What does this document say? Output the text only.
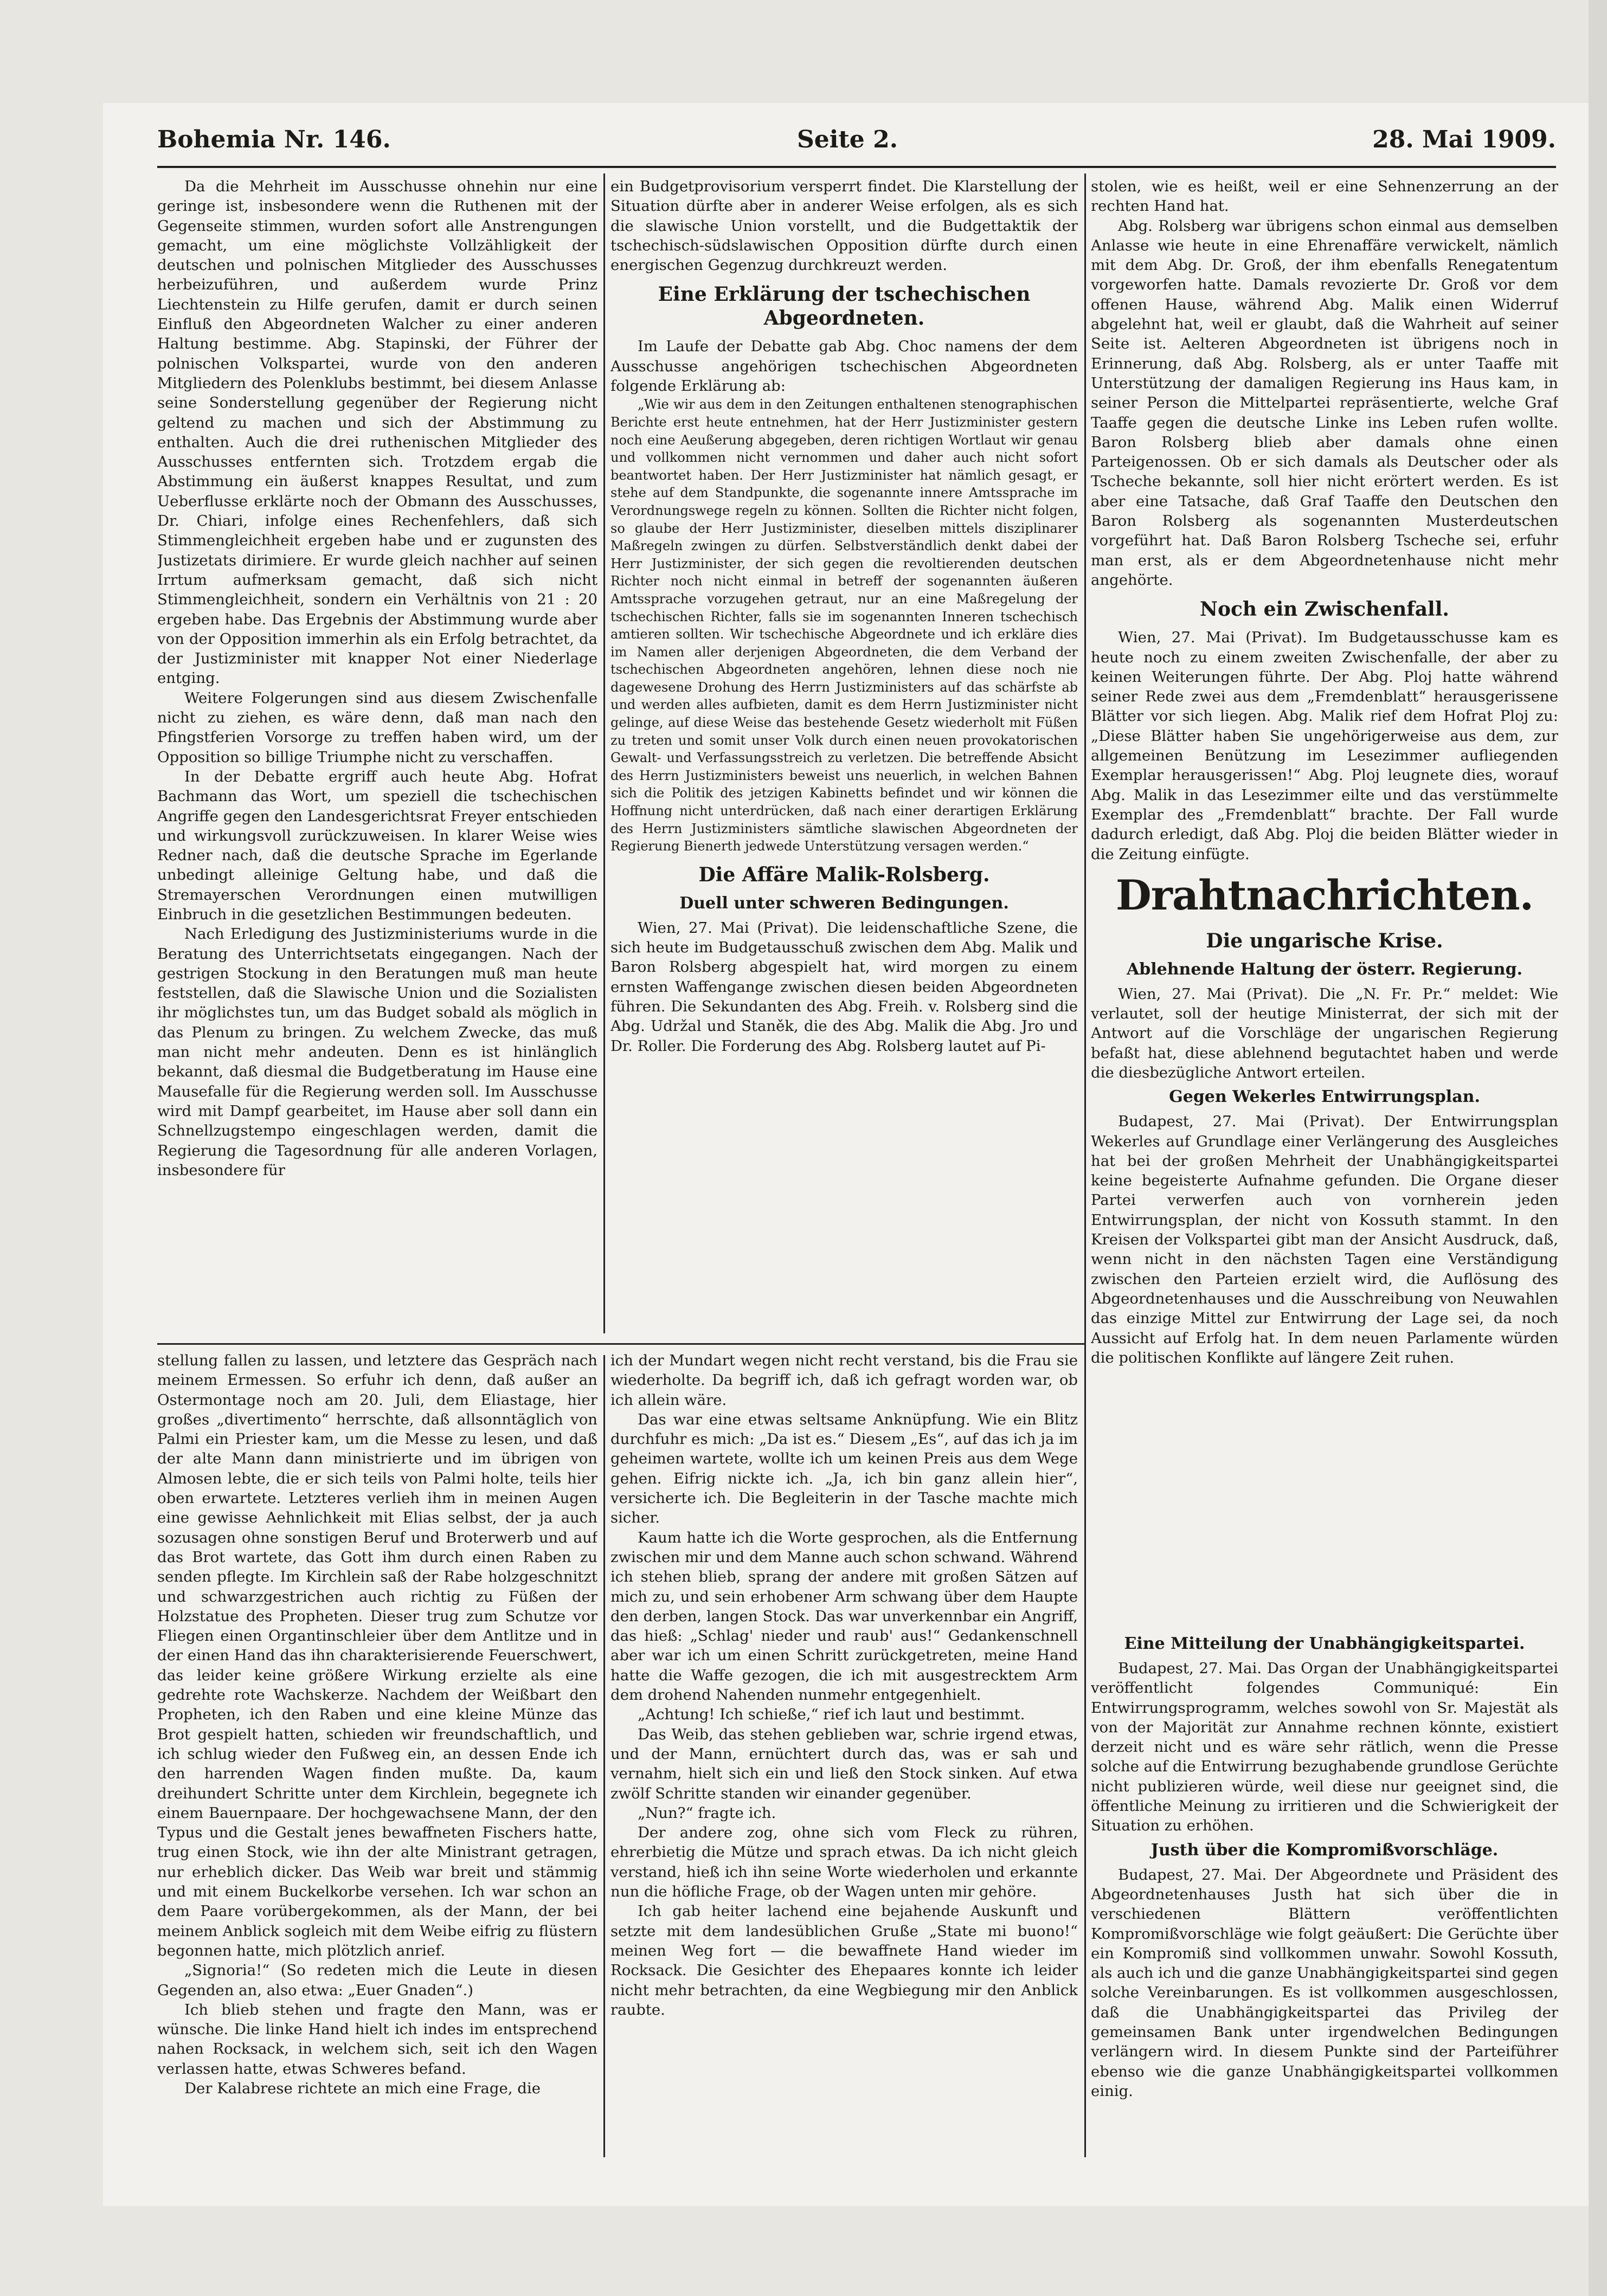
Bohemia Nr. 146.	Seite 2.	28. Mai 1909.

Da die Mehrheit im Ausschusse ohnehin nur eine geringe ist, insbesondere wenn die Ruthenen mit der Gegenseite stimmen, wurden sofort alle Anstrengungen gemacht, um eine möglichste Vollzähligkeit der deutschen und polnischen Mitglieder des Ausschusses herbeizuführen, und außerdem wurde Prinz Liechtenstein zu Hilfe gerufen, damit er durch seinen Einfluß den Abgeordneten Walcher zu einer anderen Haltung bestimme. Abg. Stapinski, der Führer der polnischen Volkspartei, wurde von den anderen Mitgliedern des Polenklubs bestimmt, bei diesem Anlasse seine Sonderstellung gegenüber der Regierung nicht geltend zu machen und sich der Abstimmung zu enthalten. Auch die drei ruthenischen Mitglieder des Ausschusses entfernten sich. Trotzdem ergab die Abstimmung ein äußerst knappes Resultat, und zum Ueberflusse erklärte noch der Obmann des Ausschusses, Dr. Chiari, infolge eines Rechenfehlers, daß sich Stimmengleichheit ergeben habe und er zugunsten des Justizetats dirimiere. Er wurde gleich nachher auf seinen Irrtum aufmerksam gemacht, daß sich nicht Stimmengleichheit, sondern ein Verhältnis von 21 : 20 ergeben habe. Das Ergebnis der Abstimmung wurde aber von der Opposition immerhin als ein Erfolg betrachtet, da der Justizminister mit knapper Not einer Niederlage entging.

Weitere Folgerungen sind aus diesem Zwischenfalle nicht zu ziehen, es wäre denn, daß man nach den Pfingstferien Vorsorge zu treffen haben wird, um der Opposition so billige Triumphe nicht zu verschaffen.

In der Debatte ergriff auch heute Abg. Hofrat Bachmann das Wort, um speziell die tschechischen Angriffe gegen den Landesgerichtsrat Freyer entschieden und wirkungsvoll zurückzuweisen. In klarer Weise wies Redner nach, daß die deutsche Sprache im Egerlande unbedingt alleinige Geltung habe, und daß die Stremayerschen Verordnungen einen mutwilligen Einbruch in die gesetzlichen Bestimmungen bedeuten.

Nach Erledigung des Justizministeriums wurde in die Beratung des Unterrichtsetats eingegangen. Nach der gestrigen Stockung in den Beratungen muß man heute feststellen, daß die Slawische Union und die Sozialisten ihr möglichstes tun, um das Budget sobald als möglich in das Plenum zu bringen. Zu welchem Zwecke, das muß man nicht mehr andeuten. Denn es ist hinlänglich bekannt, daß diesmal die Budgetberatung im Hause eine Mausefalle für die Regierung werden soll. Im Ausschusse wird mit Dampf gearbeitet, im Hause aber soll dann ein Schnellzugstempo eingeschlagen werden, damit die Regierung die Tagesordnung für alle anderen Vorlagen, insbesondere für

ein Budgetprovisorium versperrt findet. Die Klarstellung der Situation dürfte aber in anderer Weise erfolgen, als es sich die slawische Union vorstellt, und die Budgettaktik der tschechisch-südslawischen Opposition dürfte durch einen energischen Gegenzug durchkreuzt werden.

Eine Erklärung der tschechischen Abgeordneten.

Im Laufe der Debatte gab Abg. Choc namens der dem Ausschusse angehörigen tschechischen Abgeordneten folgende Erklärung ab:

„Wie wir aus dem in den Zeitungen enthaltenen stenographischen Berichte erst heute entnehmen, hat der Herr Justizminister gestern noch eine Aeußerung abgegeben, deren richtigen Wortlaut wir genau und vollkommen nicht vernommen und daher auch nicht sofort beantwortet haben. Der Herr Justizminister hat nämlich gesagt, er stehe auf dem Standpunkte, die sogenannte innere Amtssprache im Verordnungswege regeln zu können. Sollten die Richter nicht folgen, so glaube der Herr Justizminister, dieselben mittels disziplinarer Maßregeln zwingen zu dürfen. Selbstverständlich denkt dabei der Herr Justizminister, der sich gegen die revoltierenden deutschen Richter noch nicht einmal in betreff der sogenannten äußeren Amtssprache vorzugehen getraut, nur an eine Maßregelung der tschechischen Richter, falls sie im sogenannten Inneren tschechisch amtieren sollten. Wir tschechische Abgeordnete und ich erkläre dies im Namen aller derjenigen Abgeordneten, die dem Verband der tschechischen Abgeordneten angehören, lehnen diese noch nie dagewesene Drohung des Herrn Justizministers auf das schärfste ab und werden alles aufbieten, damit es dem Herrn Justizminister nicht gelinge, auf diese Weise das bestehende Gesetz wiederholt mit Füßen zu treten und somit unser Volk durch einen neuen provokatorischen Gewalt- und Verfassungsstreich zu verletzen. Die betreffende Absicht des Herrn Justizministers beweist uns neuerlich, in welchen Bahnen sich die Politik des jetzigen Kabinetts befindet und wir können die Hoffnung nicht unterdrücken, daß nach einer derartigen Erklärung des Herrn Justizministers sämtliche slawischen Abgeordneten der Regierung Bienerth jedwede Unterstützung versagen werden.“

Die Affäre Malik-Rolsberg.
Duell unter schweren Bedingungen.

Wien, 27. Mai (Privat). Die leidenschaftliche Szene, die sich heute im Budgetausschuß zwischen dem Abg. Malik und Baron Rolsberg abgespielt hat, wird morgen zu einem ernsten Waffengange zwischen diesen beiden Abgeordneten führen. Die Sekundanten des Abg. Freih. v. Rolsberg sind die Abg. Udržal und Staněk, die des Abg. Malik die Abg. Jro und Dr. Roller. Die Forderung des Abg. Rolsberg lautet auf Pi-

stolen, wie es heißt, weil er eine Sehnenzerrung an der rechten Hand hat.

Abg. Rolsberg war übrigens schon einmal aus demselben Anlasse wie heute in eine Ehrenaffäre verwickelt, nämlich mit dem Abg. Dr. Groß, der ihm ebenfalls Renegatentum vorgeworfen hatte. Damals revozierte Dr. Groß vor dem offenen Hause, während Abg. Malik einen Widerruf abgelehnt hat, weil er glaubt, daß die Wahrheit auf seiner Seite ist. Aelteren Abgeordneten ist übrigens noch in Erinnerung, daß Abg. Rolsberg, als er unter Taaffe mit Unterstützung der damaligen Regierung ins Haus kam, in seiner Person die Mittelpartei repräsentierte, welche Graf Taaffe gegen die deutsche Linke ins Leben rufen wollte. Baron Rolsberg blieb aber damals ohne einen Parteigenossen. Ob er sich damals als Deutscher oder als Tscheche bekannte, soll hier nicht erörtert werden. Es ist aber eine Tatsache, daß Graf Taaffe den Deutschen den Baron Rolsberg als sogenannten Musterdeutschen vorgeführt hat. Daß Baron Rolsberg Tscheche sei, erfuhr man erst, als er dem Abgeordnetenhause nicht mehr angehörte.

Noch ein Zwischenfall.

Wien, 27. Mai (Privat). Im Budgetausschusse kam es heute noch zu einem zweiten Zwischenfalle, der aber zu keinen Weiterungen führte. Der Abg. Ploj hatte während seiner Rede zwei aus dem „Fremdenblatt“ herausgerissene Blätter vor sich liegen. Abg. Malik rief dem Hofrat Ploj zu: „Diese Blätter haben Sie ungehörigerweise aus dem, zur allgemeinen Benützung im Lesezimmer aufliegenden Exemplar herausgerissen!“ Abg. Ploj leugnete dies, worauf Abg. Malik in das Lesezimmer eilte und das verstümmelte Exemplar des „Fremdenblatt“ brachte. Der Fall wurde dadurch erledigt, daß Abg. Ploj die beiden Blätter wieder in die Zeitung einfügte.

Drahtnachrichten.
Die ungarische Krise.
Ablehnende Haltung der österr. Regierung.

Wien, 27. Mai (Privat). Die „N. Fr. Pr.“ meldet: Wie verlautet, soll der heutige Ministerrat, der sich mit der Antwort auf die Vorschläge der ungarischen Regierung befaßt hat, diese ablehnend begutachtet haben und werde die diesbezügliche Antwort erteilen.

Gegen Wekerles Entwirrungsplan.

Budapest, 27. Mai (Privat). Der Entwirrungsplan Wekerles auf Grundlage einer Verlängerung des Ausgleiches hat bei der großen Mehrheit der Unabhängigkeitspartei keine begeisterte Aufnahme gefunden. Die Organe dieser Partei verwerfen auch von vornherein jeden Entwirrungsplan, der nicht von Kossuth stammt. In den Kreisen der Volkspartei gibt man der Ansicht Ausdruck, daß, wenn nicht in den nächsten Tagen eine Verständigung zwischen den Parteien erzielt wird, die Auflösung des Abgeordnetenhauses und die Ausschreibung von Neuwahlen das einzige Mittel zur Entwirrung der Lage sei, da noch Aussicht auf Erfolg hat. In dem neuen Parlamente würden die politischen Konflikte auf längere Zeit ruhen.

Eine Mitteilung der Unabhängigkeitspartei.

Budapest, 27. Mai. Das Organ der Unabhängigkeitspartei veröffentlicht folgendes Communiqué: Ein Entwirrungsprogramm, welches sowohl von Sr. Majestät als von der Majorität zur Annahme rechnen könnte, existiert derzeit nicht und es wäre sehr rätlich, wenn die Presse solche auf die Entwirrung bezughabende grundlose Gerüchte nicht publizieren würde, weil diese nur geeignet sind, die öffentliche Meinung zu irritieren und die Schwierigkeit der Situation zu erhöhen.

Justh über die Kompromißvorschläge.

Budapest, 27. Mai. Der Abgeordnete und Präsident des Abgeordnetenhauses Justh hat sich über die in verschiedenen Blättern veröffentlichten Kompromißvorschläge wie folgt geäußert: Die Gerüchte über ein Kompromiß sind vollkommen unwahr. Sowohl Kossuth, als auch ich und die ganze Unabhängigkeitspartei sind gegen solche Vereinbarungen. Es ist vollkommen ausgeschlossen, daß die Unabhängigkeitspartei das Privileg der gemeinsamen Bank unter irgendwelchen Bedingungen verlängern wird. In diesem Punkte sind der Parteiführer ebenso wie die ganze Unabhängigkeitspartei vollkommen einig.

stellung fallen zu lassen, und letztere das Gespräch nach meinem Ermessen. So erfuhr ich denn, daß außer an Ostermontage noch am 20. Juli, dem Eliastage, hier großes „divertimento“ herrschte, daß allsonntäglich von Palmi ein Priester kam, um die Messe zu lesen, und daß der alte Mann dann ministrierte und im übrigen von Almosen lebte, die er sich teils von Palmi holte, teils hier oben erwartete. Letzteres verlieh ihm in meinen Augen eine gewisse Aehnlichkeit mit Elias selbst, der ja auch sozusagen ohne sonstigen Beruf und Broterwerb und auf das Brot wartete, das Gott ihm durch einen Raben zu senden pflegte. Im Kirchlein saß der Rabe holzgeschnitzt und schwarzgestrichen auch richtig zu Füßen der Holzstatue des Propheten. Dieser trug zum Schutze vor Fliegen einen Organtinschleier über dem Antlitze und in der einen Hand das ihn charakterisierende Feuerschwert, das leider keine größere Wirkung erzielte als eine gedrehte rote Wachskerze. Nachdem der Weißbart den Propheten, ich den Raben und eine kleine Münze das Brot gespielt hatten, schieden wir freundschaftlich, und ich schlug wieder den Fußweg ein, an dessen Ende ich den harrenden Wagen finden mußte. Da, kaum dreihundert Schritte unter dem Kirchlein, begegnete ich einem Bauernpaare. Der hochgewachsene Mann, der den Typus und die Gestalt jenes bewaffneten Fischers hatte, trug einen Stock, wie ihn der alte Ministrant getragen, nur erheblich dicker. Das Weib war breit und stämmig und mit einem Buckelkorbe versehen. Ich war schon an dem Paare vorübergekommen, als der Mann, der bei meinem Anblick sogleich mit dem Weibe eifrig zu flüstern begonnen hatte, mich plötzlich anrief.

„Signoria!“ (So redeten mich die Leute in diesen Gegenden an, also etwa: „Euer Gnaden“.)

Ich blieb stehen und fragte den Mann, was er wünsche. Die linke Hand hielt ich indes im entsprechend nahen Rocksack, in welchem sich, seit ich den Wagen verlassen hatte, etwas Schweres befand.

Der Kalabrese richtete an mich eine Frage, die

ich der Mundart wegen nicht recht verstand, bis die Frau sie wiederholte. Da begriff ich, daß ich gefragt worden war, ob ich allein wäre.

Das war eine etwas seltsame Anknüpfung. Wie ein Blitz durchfuhr es mich: „Da ist es.“ Diesem „Es“, auf das ich ja im geheimen wartete, wollte ich um keinen Preis aus dem Wege gehen. Eifrig nickte ich. „Ja, ich bin ganz allein hier“, versicherte ich. Die Begleiterin in der Tasche machte mich sicher.

Kaum hatte ich die Worte gesprochen, als die Entfernung zwischen mir und dem Manne auch schon schwand. Während ich stehen blieb, sprang der andere mit großen Sätzen auf mich zu, und sein erhobener Arm schwang über dem Haupte den derben, langen Stock. Das war unverkennbar ein Angriff, das hieß: „Schlag' nieder und raub' aus!“ Gedankenschnell aber war ich um einen Schritt zurückgetreten, meine Hand hatte die Waffe gezogen, die ich mit ausgestrecktem Arm dem drohend Nahenden nunmehr entgegenhielt.

„Achtung! Ich schieße,“ rief ich laut und bestimmt.

Das Weib, das stehen geblieben war, schrie irgend etwas, und der Mann, ernüchtert durch das, was er sah und vernahm, hielt sich ein und ließ den Stock sinken. Auf etwa zwölf Schritte standen wir einander gegenüber.

„Nun?“ fragte ich.

Der andere zog, ohne sich vom Fleck zu rühren, ehrerbietig die Mütze und sprach etwas. Da ich nicht gleich verstand, hieß ich ihn seine Worte wiederholen und erkannte nun die höfliche Frage, ob der Wagen unten mir gehöre.

Ich gab heiter lachend eine bejahende Auskunft und setzte mit dem landesüblichen Gruße „State mi buono!“ meinen Weg fort — die bewaffnete Hand wieder im Rocksack. Die Gesichter des Ehepaares konnte ich leider nicht mehr betrachten, da eine Wegbiegung mir den Anblick raubte.
